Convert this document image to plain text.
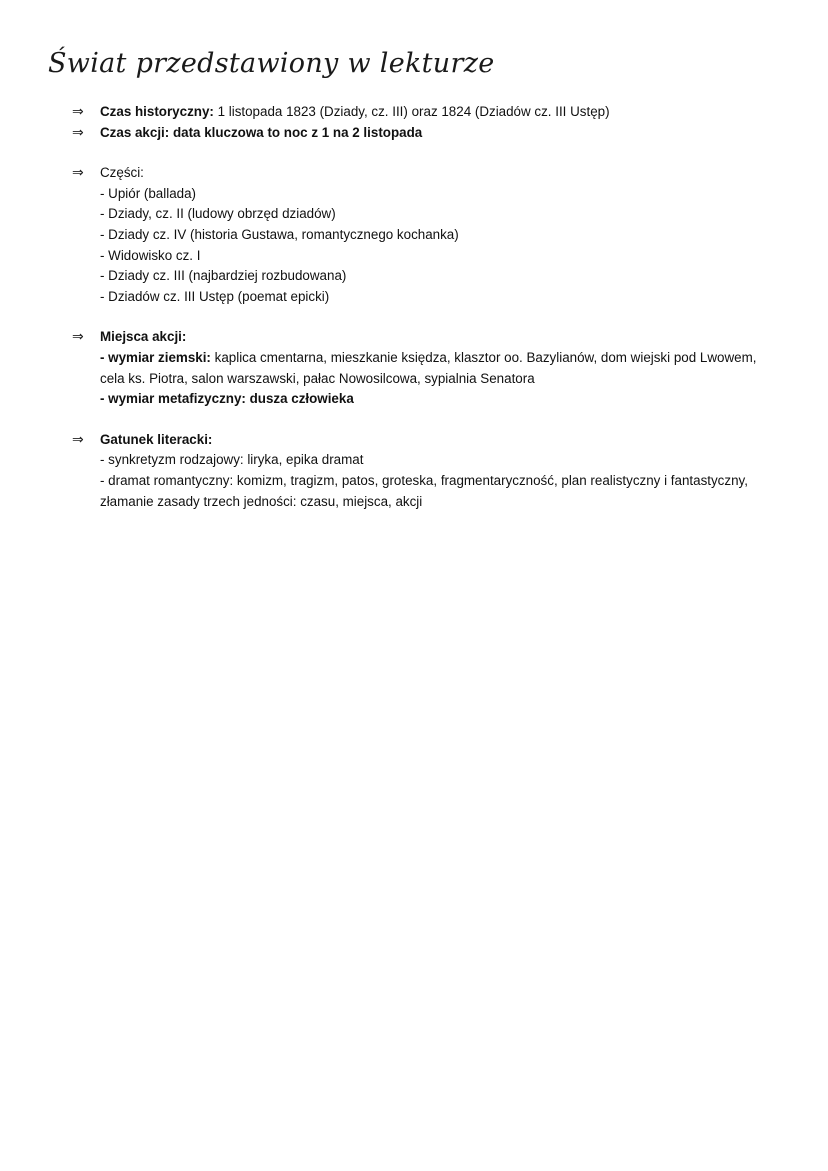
Świat przedstawiony w lekturze
⇒	Czas historyczny: 1 listopada 1823 (Dziady, cz. III) oraz 1824 (Dziadów cz. III Ustęp)
⇒	Czas akcji: data kluczowa to noc z 1 na 2 listopada
⇒	Części:
- Upiór (ballada)
- Dziady, cz. II (ludowy obrzęd dziadów)
- Dziady cz. IV (historia Gustawa, romantycznego kochanka)
- Widowisko cz. I
- Dziady cz. III (najbardziej rozbudowana)
- Dziadów cz. III Ustęp (poemat epicki)
⇒	Miejsca akcji:
- wymiar ziemski: kaplica cmentarna, mieszkanie księdza, klasztor oo. Bazylianów, dom wiejski pod Lwowem, cela ks. Piotra, salon warszawski, pałac Nowosilcowa, sypialnia Senatora
- wymiar metafizyczny: dusza człowieka
⇒	Gatunek literacki:
- synkretyzm rodzajowy: liryka, epika dramat
- dramat romantyczny: komizm, tragizm, patos, groteska, fragmentaryczność, plan realistyczny i fantastyczny, złamanie zasady trzech jedności: czasu, miejsca, akcji
